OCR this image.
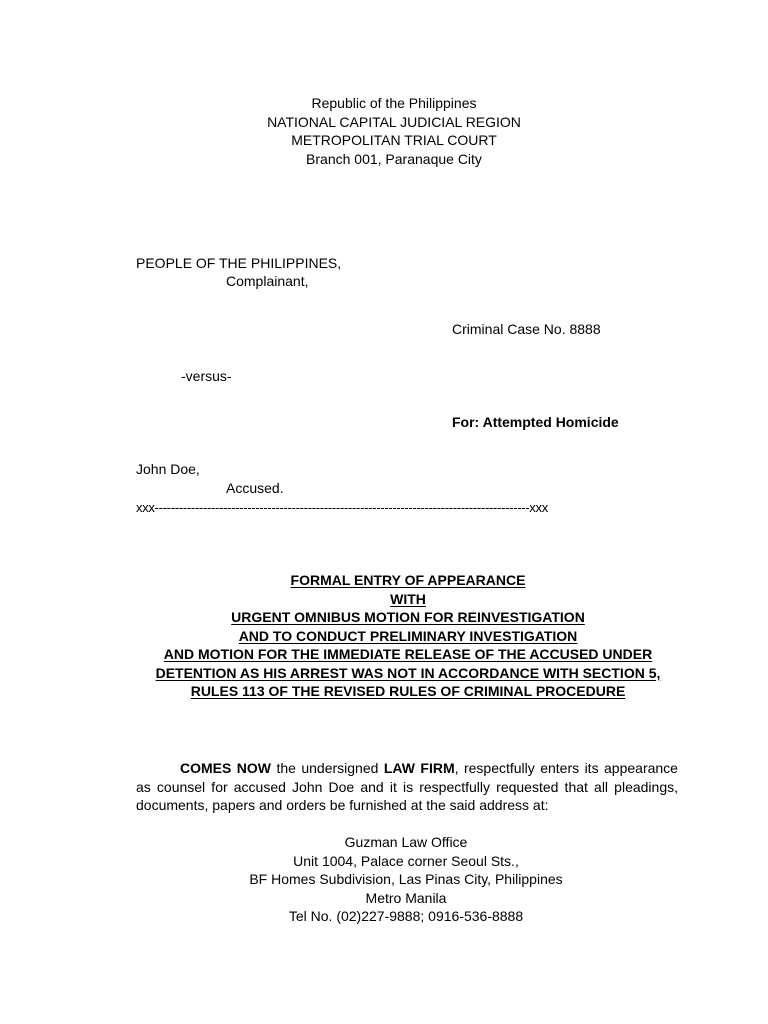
Republic of the Philippines
NATIONAL CAPITAL JUDICIAL REGION
METROPOLITAN TRIAL COURT
Branch 001, Paranaque City
PEOPLE OF THE PHILIPPINES,
Complainant,
Criminal Case No. 8888
-versus-
For: Attempted Homicide
John Doe,
Accused.
xxx---------------------------------------------------------------------------------------------xxx
FORMAL ENTRY OF APPEARANCE
WITH
URGENT OMNIBUS MOTION FOR REINVESTIGATION
AND TO CONDUCT PRELIMINARY INVESTIGATION
AND MOTION FOR THE IMMEDIATE RELEASE OF THE ACCUSED UNDER
DETENTION AS HIS ARREST WAS NOT IN ACCORDANCE WITH SECTION 5,
RULES 113 OF THE REVISED RULES OF CRIMINAL PROCEDURE
COMES NOW the undersigned LAW FIRM, respectfully enters its appearance as counsel for accused John Doe and it is respectfully requested that all pleadings, documents, papers and orders be furnished at the said address at:
Guzman Law Office
Unit 1004, Palace corner Seoul Sts.,
BF Homes Subdivision, Las Pinas City, Philippines
Metro Manila
Tel No. (02)227-9888; 0916-536-8888
